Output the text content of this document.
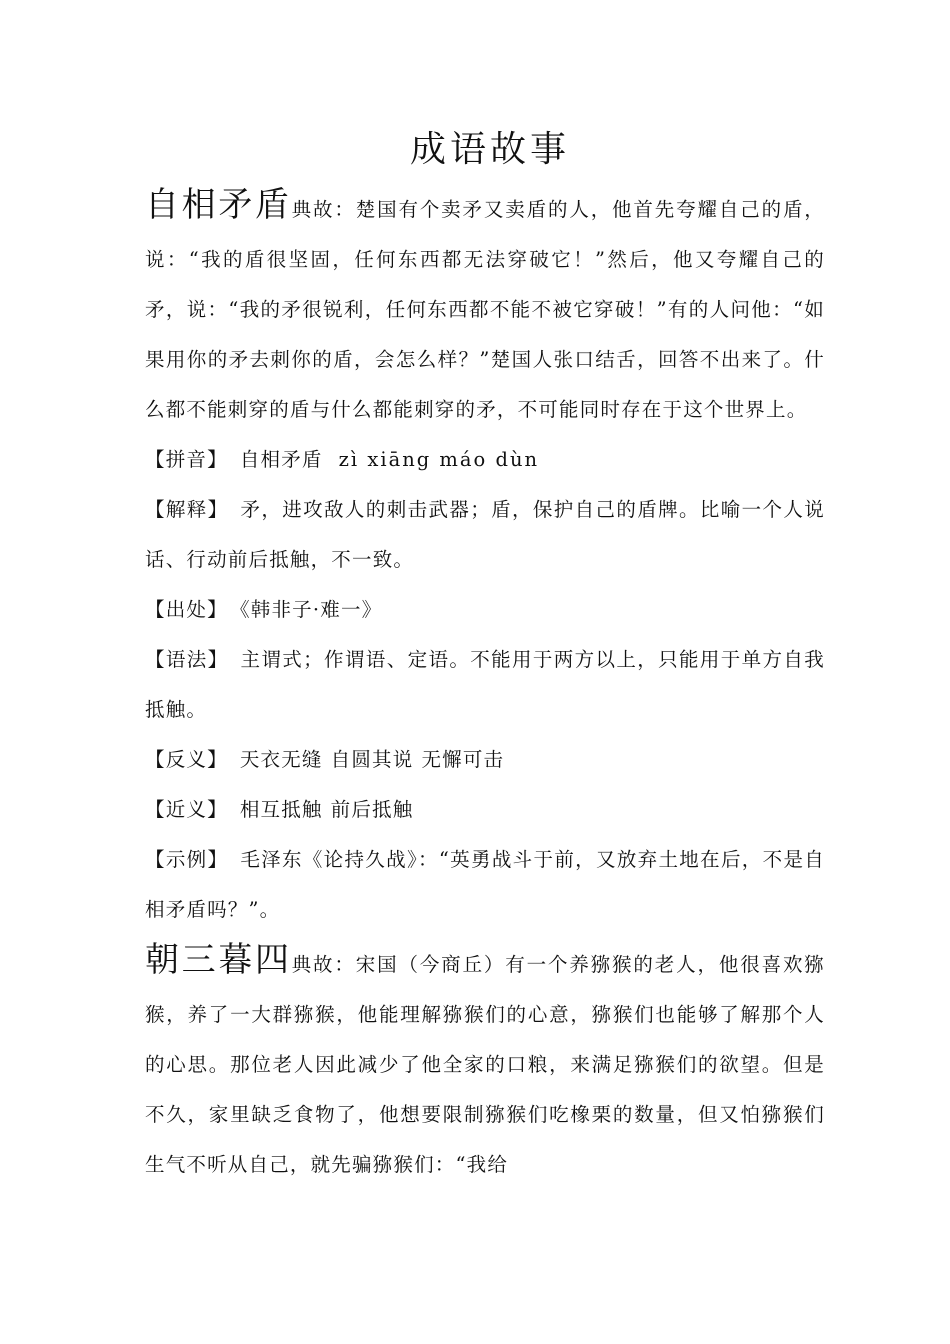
成语故事

自相矛盾典故：楚国有个卖矛又卖盾的人，他首先夸耀自己的盾，说：“我的盾很坚固，任何东西都无法穿破它！”然后，他又夸耀自己的矛，说：“我的矛很锐利，任何东西都不能不被它穿破！”有的人问他：“如果用你的矛去刺你的盾，会怎么样？”楚国人张口结舌，回答不出来了。什么都不能刺穿的盾与什么都能刺穿的矛，不可能同时存在于这个世界上。

【拼音】 自相矛盾 zì xiāng máo dùn

【解释】 矛，进攻敌人的刺击武器；盾，保护自己的盾牌。比喻一个人说话、行动前后抵触，不一致。

【出处】 《韩非子·难一》

【语法】 主谓式；作谓语、定语。不能用于两方以上，只能用于单方自我抵触。

【反义】 天衣无缝 自圆其说 无懈可击

【近义】 相互抵触 前后抵触

【示例】 毛泽东《论持久战》：“英勇战斗于前，又放弃土地在后，不是自相矛盾吗？”。

朝三暮四典故：宋国（今商丘）有一个养猕猴的老人，他很喜欢猕猴，养了一大群猕猴，他能理解猕猴们的心意，猕猴们也能够了解那个人的心思。那位老人因此减少了他全家的口粮，来满足猕猴们的欲望。但是不久，家里缺乏食物了，他想要限制猕猴们吃橡栗的数量，但又怕猕猴们生气不听从自己，就先骗猕猴们：“我给
